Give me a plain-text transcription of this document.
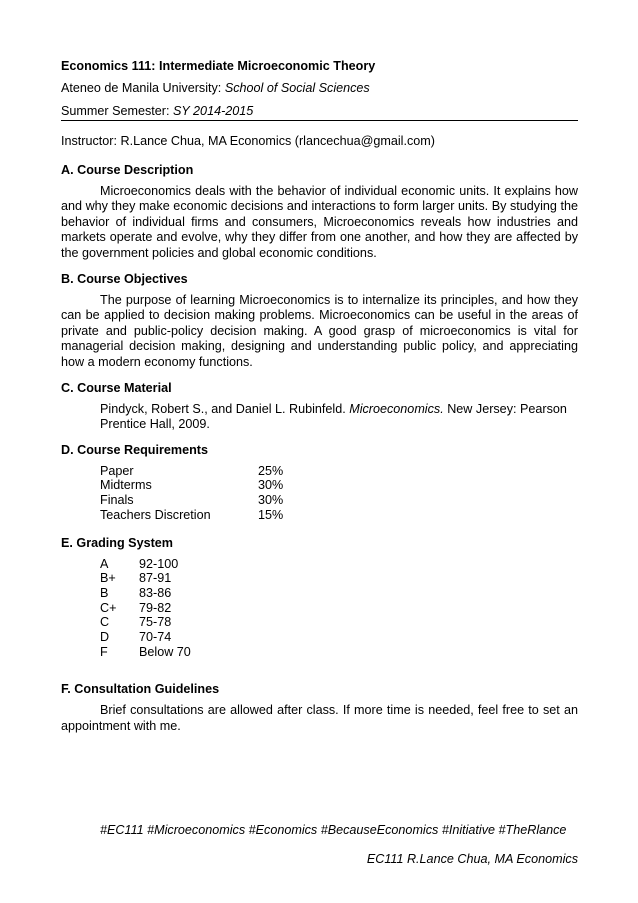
Economics 111: Intermediate Microeconomic Theory

Ateneo de Manila University: School of Social Sciences

Summer Semester: SY 2014-2015

Instructor: R.Lance Chua, MA Economics (rlancechua@gmail.com)

A. Course Description

Microeconomics deals with the behavior of individual economic units. It explains how and why they make economic decisions and interactions to form larger units. By studying the behavior of individual firms and consumers, Microeconomics reveals how industries and markets operate and evolve, why they differ from one another, and how they are affected by the government policies and global economic conditions.

B. Course Objectives

The purpose of learning Microeconomics is to internalize its principles, and how they can be applied to decision making problems. Microeconomics can be useful in the areas of private and public-policy decision making. A good grasp of microeconomics is vital for managerial decision making, designing and understanding public policy, and appreciating how a modern economy functions.

C. Course Material
Pindyck, Robert S., and Daniel L. Rubinfeld. Microeconomics. New Jersey: Pearson Prentice Hall, 2009.
D. Course Requirements
Paper	25%
Midterms	30%
Finals	30%
Teachers Discretion	15%
E. Grading System
A	92-100
B+	87-91
B	83-86
C+	79-82
C	75-78
D	70-74
F	Below 70
F. Consultation Guidelines

Brief consultations are allowed after class. If more time is needed, feel free to set an appointment with me.

#EC111 #Microeconomics #Economics #BecauseEconomics #Initiative #TheRlance
EC111 R.Lance Chua, MA Economics
